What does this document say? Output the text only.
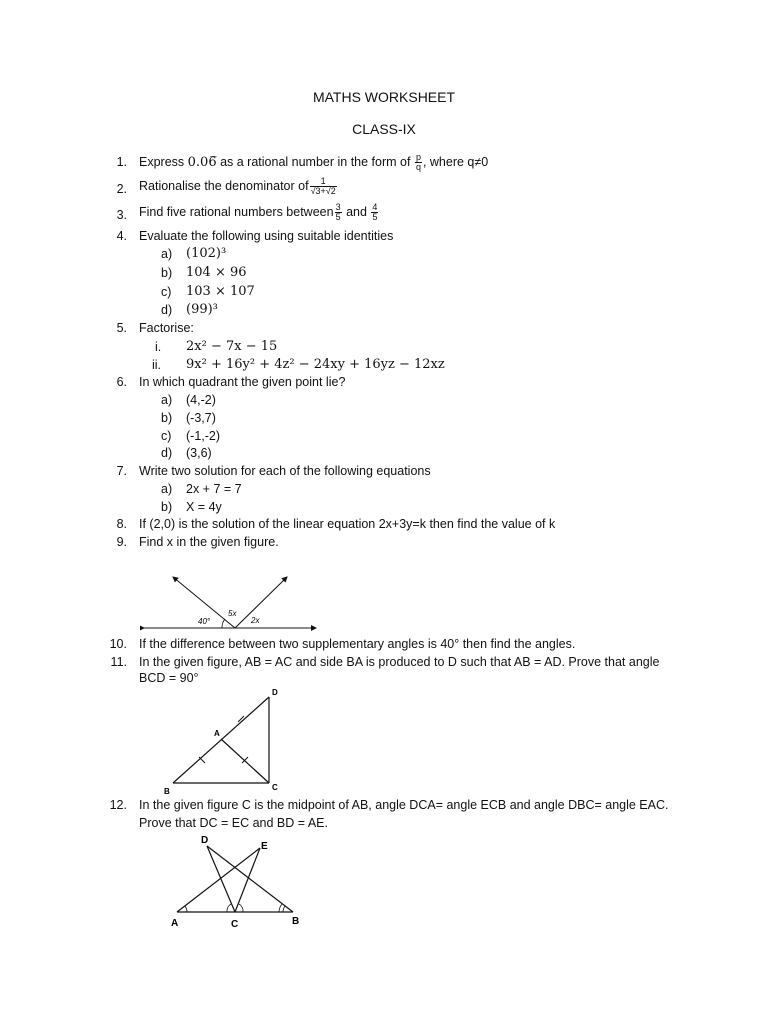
MATHS WORKSHEET
CLASS-IX
1. Express 0.06̅ as a rational number in the form of $\frac{p}{q}$ , where q≠0
2. Rationalise the denominator of $\frac{1}{√3+√2}$
3. Find five rational numbers between $\frac{3}{5}$ and $\frac{4}{5}$
4. Evaluate the following using suitable identities
a) (102)³
b) 104 × 96
c) 103 × 107
d) (99)³
5. Factorise:
i. 2x² − 7x − 15
ii. 9x² + 16y² + 4z² − 24xy + 16yz − 12xz
6. In which quadrant the given point lie?
a) (4,-2)
b) (-3,7)
c) (-1,-2)
d) (3,6)
7. Write two solution for each of the following equations
a) 2x + 7 = 7
b) X = 4y
8. If (2,0) is the solution of the linear equation 2x+3y=k then find the value of k
9. Find x in the given figure.
40°
5x
2x
10. If the difference between two supplementary angles is 40° then find the angles.
11. In the given figure, AB = AC and side BA is produced to D such that AB = AD. Prove that angle
BCD = 90°
D
A
B	C
12. In the given figure C is the midpoint of AB, angle DCA= angle ECB and angle DBC= angle EAC.
Prove that DC = EC and BD = AE.
D
E
A	C	B
